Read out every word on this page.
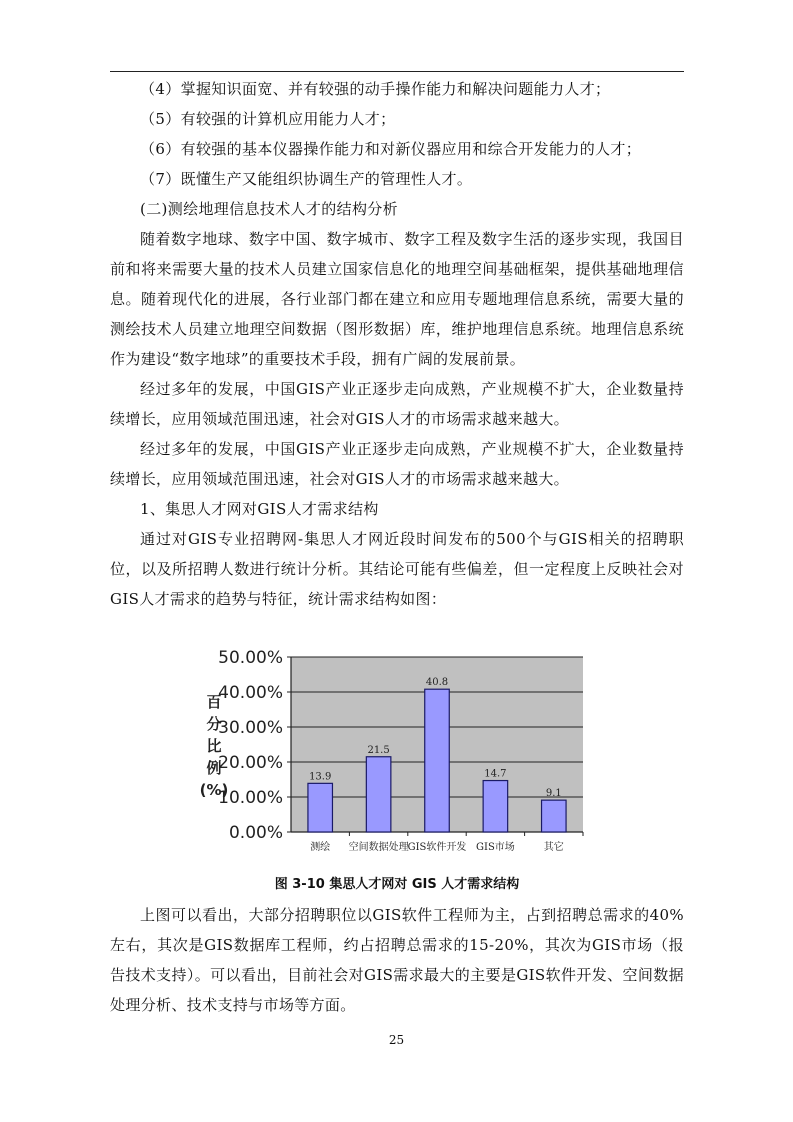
（4）掌握知识面宽、并有较强的动手操作能力和解决问题能力人才；

（5）有较强的计算机应用能力人才；

（6）有较强的基本仪器操作能力和对新仪器应用和综合开发能力的人才；

（7）既懂生产又能组织协调生产的管理性人才。

(二)测绘地理信息技术人才的结构分析

随着数字地球、数字中国、数字城市、数字工程及数字生活的逐步实现，我国目前和将来需要大量的技术人员建立国家信息化的地理空间基础框架，提供基础地理信息。随着现代化的进展，各行业部门都在建立和应用专题地理信息系统，需要大量的测绘技术人员建立地理空间数据（图形数据）库，维护地理信息系统。地理信息系统作为建设“数字地球”的重要技术手段，拥有广阔的发展前景。

经过多年的发展，中国GIS产业正逐步走向成熟，产业规模不扩大，企业数量持续增长，应用领域范围迅速，社会对GIS人才的市场需求越来越大。

经过多年的发展，中国GIS产业正逐步走向成熟，产业规模不扩大，企业数量持续增长，应用领域范围迅速，社会对GIS人才的市场需求越来越大。

1、集思人才网对GIS人才需求结构

通过对GIS专业招聘网-集思人才网近段时间发布的500个与GIS相关的招聘职位，以及所招聘人数进行统计分析。其结论可能有些偏差，但一定程度上反映社会对GIS人才需求的趋势与特征，统计需求结构如图：

0.00%
10.00%
20.00%
30.00%
40.00%
50.00%
百
分
比
例
(%)
13.9
测绘
21.5
空间数据处理
40.8
GIS软件开发
14.7
GIS市场
9.1
其它
图 3-10 集思人才网对 GIS 人才需求结构

上图可以看出，大部分招聘职位以GIS软件工程师为主，占到招聘总需求的40%左右，其次是GIS数据库工程师，约占招聘总需求的15-20%，其次为GIS市场（报告技术支持）。可以看出，目前社会对GIS需求最大的主要是GIS软件开发、空间数据处理分析、技术支持与市场等方面。

25
